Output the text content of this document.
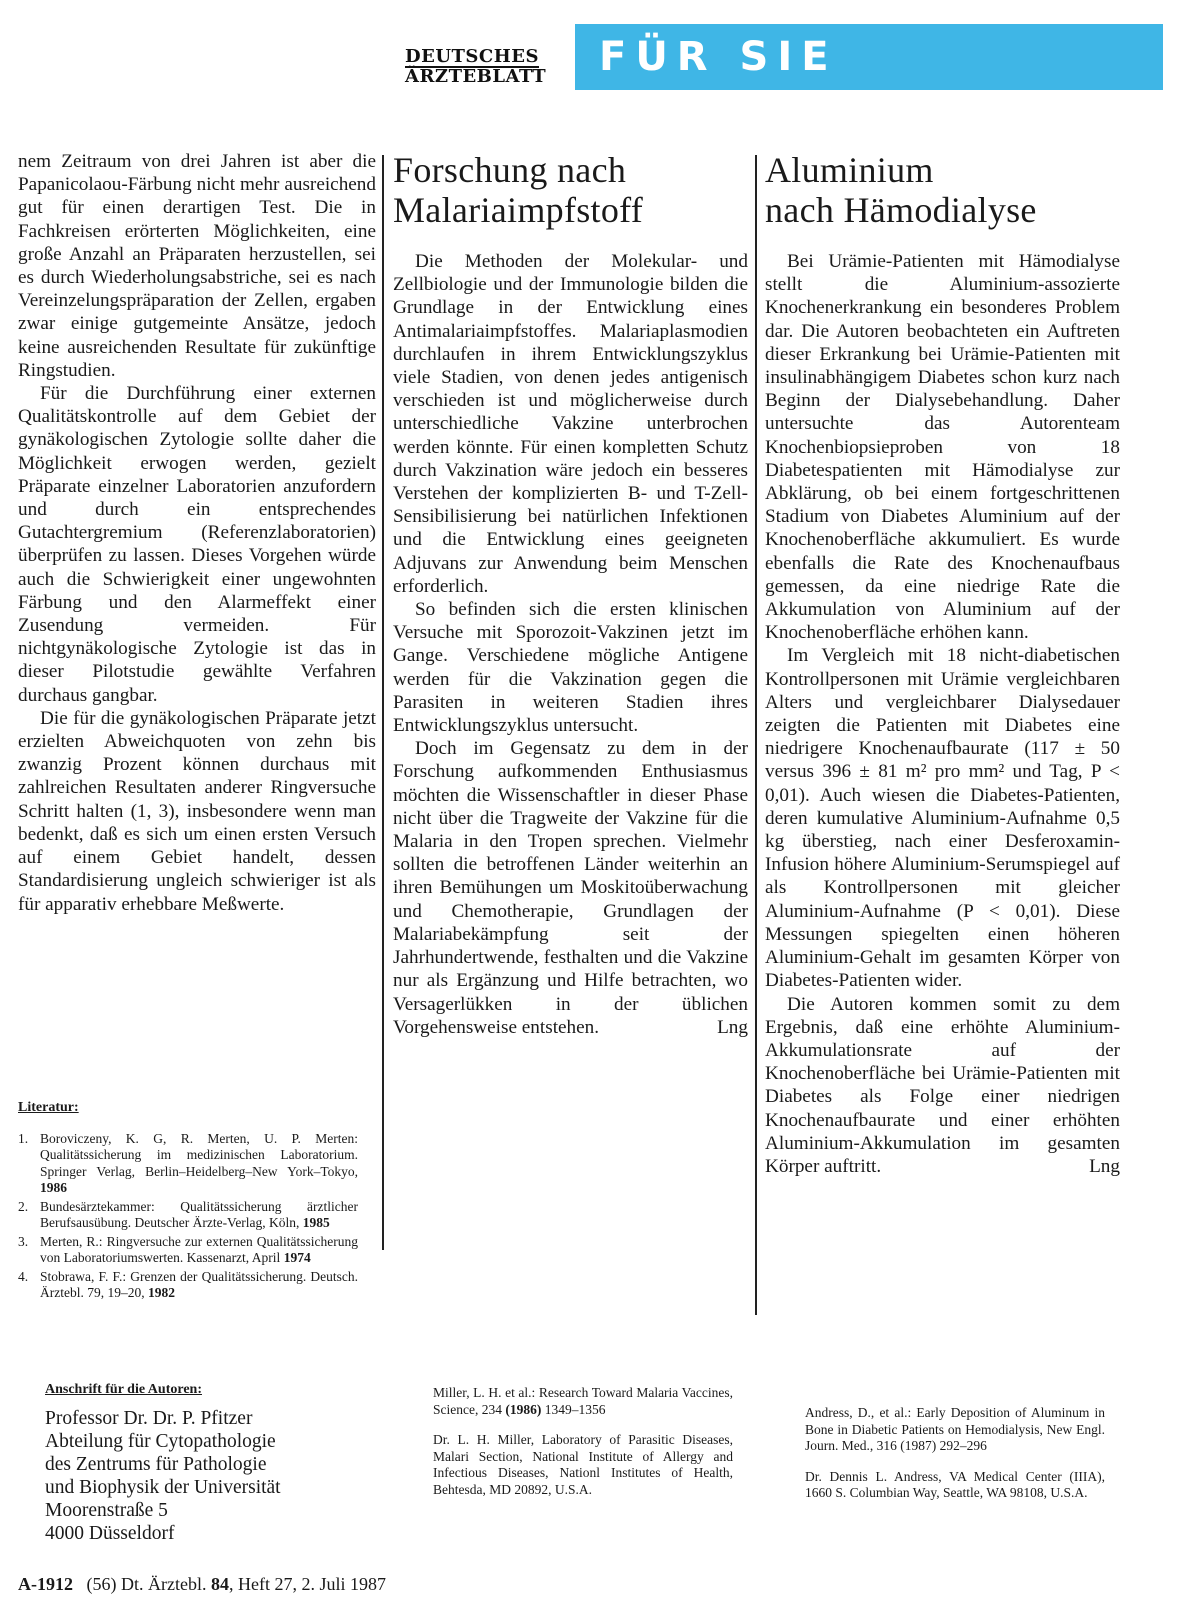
DEUTSCHES
ÄRZTEBLATT	FÜR SIE REFERIERT

nem Zeitraum von drei Jahren ist aber die Papanicolaou-Färbung nicht mehr ausreichend gut für einen derartigen Test. Die in Fachkreisen erörterten Möglichkeiten, eine große Anzahl an Präparaten herzustellen, sei es durch Wiederholungsabstriche, sei es nach Vereinzelungspräparation der Zellen, ergaben zwar einige gutgemeinte Ansätze, jedoch keine ausreichenden Resultate für zukünftige Ringstudien.

Für die Durchführung einer externen Qualitätskontrolle auf dem Gebiet der gynäkologischen Zytologie sollte daher die Möglichkeit erwogen werden, gezielt Präparate einzelner Laboratorien anzufordern und durch ein entsprechendes Gutachtergremium (Referenzlaboratorien) überprüfen zu lassen. Dieses Vorgehen würde auch die Schwierigkeit einer ungewohnten Färbung und den Alarmeffekt einer Zusendung vermeiden. Für nichtgynäkologische Zytologie ist das in dieser Pilotstudie gewählte Verfahren durchaus gangbar.

Die für die gynäkologischen Präparate jetzt erzielten Abweichquoten von zehn bis zwanzig Prozent können durchaus mit zahlreichen Resultaten anderer Ringversuche Schritt halten (1, 3), insbesondere wenn man bedenkt, daß es sich um einen ersten Versuch auf einem Gebiet handelt, dessen Standardisierung ungleich schwieriger ist als für apparativ erhebbare Meßwerte.

Literatur:
1. Boroviczeny, K. G, R. Merten, U. P. Merten: Qualitätssicherung im medizinischen Laboratorium. Springer Verlag, Berlin–Heidelberg–New York–Tokyo, 1986
2. Bundesärztekammer: Qualitätssicherung ärztlicher Berufsausübung. Deutscher Ärzte-Verlag, Köln, 1985
3. Merten, R.: Ringversuche zur externen Qualitätssicherung von Laboratoriumswerten. Kassenarzt, April 1974
4. Stobrawa, F. F.: Grenzen der Qualitätssicherung. Deutsch. Ärztebl. 79, 19–20, 1982
Anschrift für die Autoren:
Professor Dr. Dr. P. Pfitzer
Abteilung für Cytopathologie
des Zentrums für Pathologie
und Biophysik der Universität
Moorenstraße 5
4000 Düsseldorf
Forschung nach
Malariaimpfstoff

Die Methoden der Molekular- und Zellbiologie und der Immunologie bilden die Grundlage in der Entwicklung eines Antimalariaimpfstoffes. Malariaplasmodien durchlaufen in ihrem Entwicklungszyklus viele Stadien, von denen jedes antigenisch verschieden ist und möglicherweise durch unterschiedliche Vakzine unterbrochen werden könnte. Für einen kompletten Schutz durch Vakzination wäre jedoch ein besseres Verstehen der komplizierten B- und T-Zell-Sensibilisierung bei natürlichen Infektionen und die Entwicklung eines geeigneten Adjuvans zur Anwendung beim Menschen erforderlich.

So befinden sich die ersten klinischen Versuche mit Sporozoit-Vakzinen jetzt im Gange. Verschiedene mögliche Antigene werden für die Vakzination gegen die Parasiten in weiteren Stadien ihres Entwicklungszyklus untersucht.

Doch im Gegensatz zu dem in der Forschung aufkommenden Enthusiasmus möchten die Wissenschaftler in dieser Phase nicht über die Tragweite der Vakzine für die Malaria in den Tropen sprechen. Vielmehr sollten die betroffenen Länder weiterhin an ihren Bemühungen um Moskitoüberwachung und Chemotherapie, Grundlagen der Malariabekämpfung seit der Jahrhundertwende, festhalten und die Vakzine nur als Ergänzung und Hilfe betrachten, wo Versagerlükken in der üblichen Vorgehensweise entstehen.	Lng

Miller, L. H. et al.: Research Toward Malaria Vaccines, Science, 234 (1986) 1349–1356

Dr. L. H. Miller, Laboratory of Parasitic Diseases, Malari Section, National Institute of Allergy and Infectious Diseases, Nationl Institutes of Health, Behtesda, MD 20892, U.S.A.

Aluminium
nach Hämodialyse

Bei Urämie-Patienten mit Hämodialyse stellt die Aluminium-assozierte Knochenerkrankung ein besonderes Problem dar. Die Autoren beobachteten ein Auftreten dieser Erkrankung bei Urämie-Patienten mit insulinabhängigem Diabetes schon kurz nach Beginn der Dialysebehandlung. Daher untersuchte das Autorenteam Knochenbiopsieproben von 18 Diabetespatienten mit Hämodialyse zur Abklärung, ob bei einem fortgeschrittenen Stadium von Diabetes Aluminium auf der Knochenoberfläche akkumuliert. Es wurde ebenfalls die Rate des Knochenaufbaus gemessen, da eine niedrige Rate die Akkumulation von Aluminium auf der Knochenoberfläche erhöhen kann.

Im Vergleich mit 18 nicht-diabetischen Kontrollpersonen mit Urämie vergleichbaren Alters und vergleichbarer Dialysedauer zeigten die Patienten mit Diabetes eine niedrigere Knochenaufbaurate (117 ± 50 versus 396 ± 81 m² pro mm² und Tag, P < 0,01). Auch wiesen die Diabetes-Patienten, deren kumulative Aluminium-Aufnahme 0,5 kg überstieg, nach einer Desferoxamin-Infusion höhere Aluminium-Serumspiegel auf als Kontrollpersonen mit gleicher Aluminium-Aufnahme (P < 0,01). Diese Messungen spiegelten einen höheren Aluminium-Gehalt im gesamten Körper von Diabetes-Patienten wider.

Die Autoren kommen somit zu dem Ergebnis, daß eine erhöhte Aluminium-Akkumulationsrate auf der Knochenoberfläche bei Urämie-Patienten mit Diabetes als Folge einer niedrigen Knochenaufbaurate und einer erhöhten Aluminium-Akkumulation im gesamten Körper auftritt.	Lng

Andress, D., et al.: Early Deposition of Aluminum in Bone in Diabetic Patients on Hemodialysis, New Engl. Journ. Med., 316 (1987) 292–296

Dr. Dennis L. Andress, VA Medical Center (IIIA), 1660 S. Columbian Way, Seattle, WA 98108, U.S.A.

A-1912 (56) Dt. Ärztebl. 84, Heft 27, 2. Juli 1987
